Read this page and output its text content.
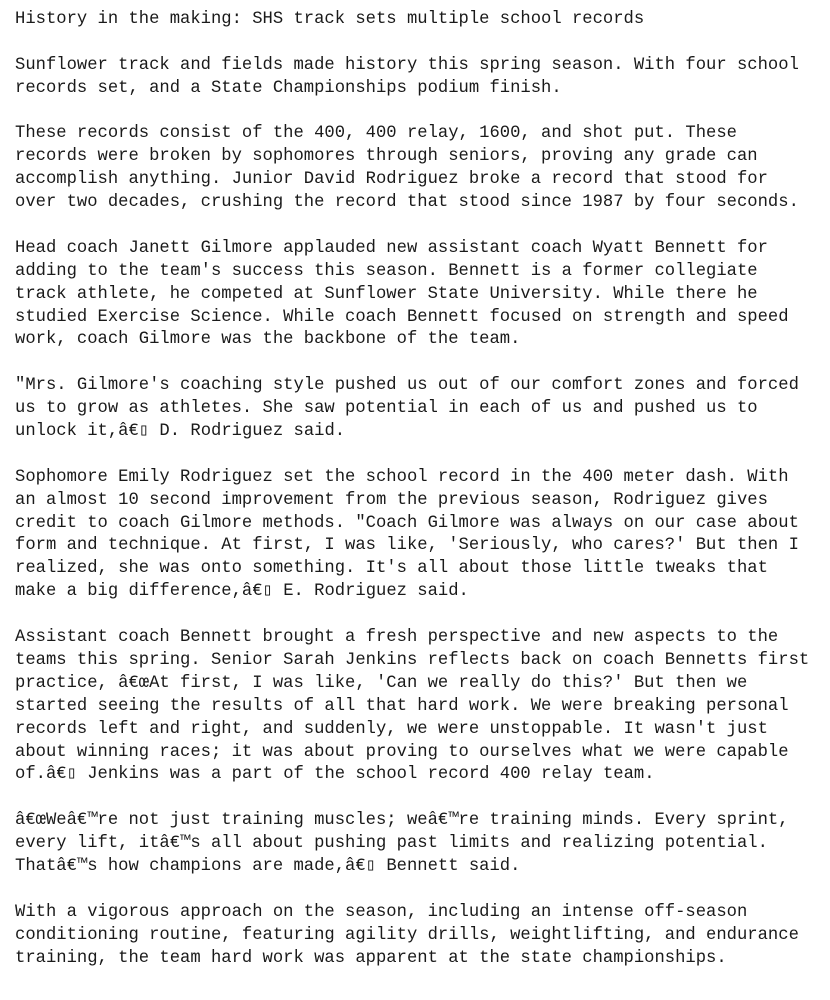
History in the making: SHS track sets multiple school records
Sunflower track and fields made history this spring season. With four school
records set, and a State Championships podium finish.
These records consist of the 400, 400 relay, 1600, and shot put. These
records were broken by sophomores through seniors, proving any grade can
accomplish anything. Junior David Rodriguez broke a record that stood for
over two decades, crushing the record that stood since 1987 by four seconds.
Head coach Janett Gilmore applauded new assistant coach Wyatt Bennett for
adding to the team's success this season. Bennett is a former collegiate
track athlete, he competed at Sunflower State University. While there he
studied Exercise Science. While coach Bennett focused on strength and speed
work, coach Gilmore was the backbone of the team.
"Mrs. Gilmore's coaching style pushed us out of our comfort zones and forced
us to grow as athletes. She saw potential in each of us and pushed us to
unlock it,â€▯ D. Rodriguez said.
Sophomore Emily Rodriguez set the school record in the 400 meter dash. With
an almost 10 second improvement from the previous season, Rodriguez gives
credit to coach Gilmore methods. "Coach Gilmore was always on our case about
form and technique. At first, I was like, 'Seriously, who cares?' But then I
realized, she was onto something. It's all about those little tweaks that
make a big difference,â€▯ E. Rodriguez said.
Assistant coach Bennett brought a fresh perspective and new aspects to the
teams this spring. Senior Sarah Jenkins reflects back on coach Bennetts first
practice, â€œAt first, I was like, 'Can we really do this?' But then we
started seeing the results of all that hard work. We were breaking personal
records left and right, and suddenly, we were unstoppable. It wasn't just
about winning races; it was about proving to ourselves what we were capable
of.â€▯ Jenkins was a part of the school record 400 relay team.
â€œWeâ€™re not just training muscles; weâ€™re training minds. Every sprint,
every lift, itâ€™s all about pushing past limits and realizing potential.
Thatâ€™s how champions are made,â€▯ Bennett said.
With a vigorous approach on the season, including an intense off-season
conditioning routine, featuring agility drills, weightlifting, and endurance
training, the team hard work was apparent at the state championships.
